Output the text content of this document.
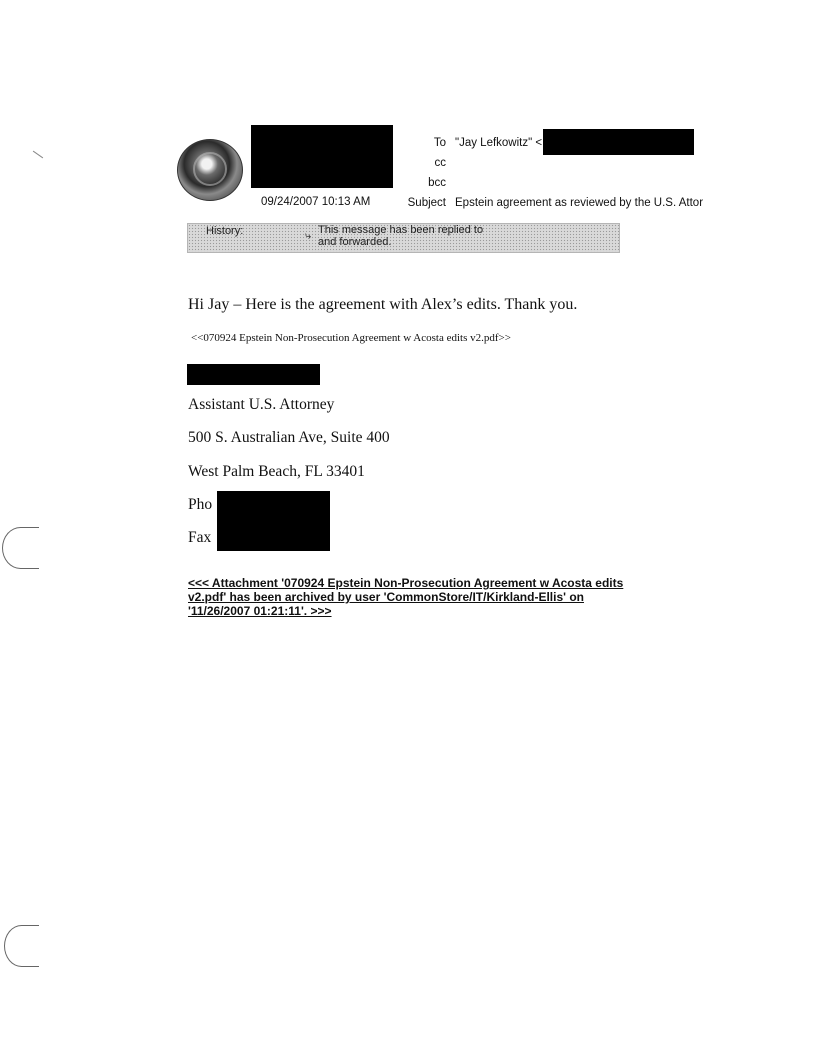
To "Jay Lefkowitz" <
cc
bcc
09/24/2007 10:13 AM	Subject Epstein agreement as reviewed by the U.S. Attor
History:	⤷ This message has been replied to and forwarded.
Hi Jay – Here is the agreement with Alex’s edits. Thank you.
<<070924 Epstein Non-Prosecution Agreement w Acosta edits v2.pdf>>
Assistant U.S. Attorney
500 S. Australian Ave, Suite 400
West Palm Beach, FL 33401
Pho
Fax
<<< Attachment '070924 Epstein Non-Prosecution Agreement w Acosta edits v2.pdf' has been archived by user 'CommonStore/IT/Kirkland-Ellis' on '11/26/2007 01:21:11'. >>>
